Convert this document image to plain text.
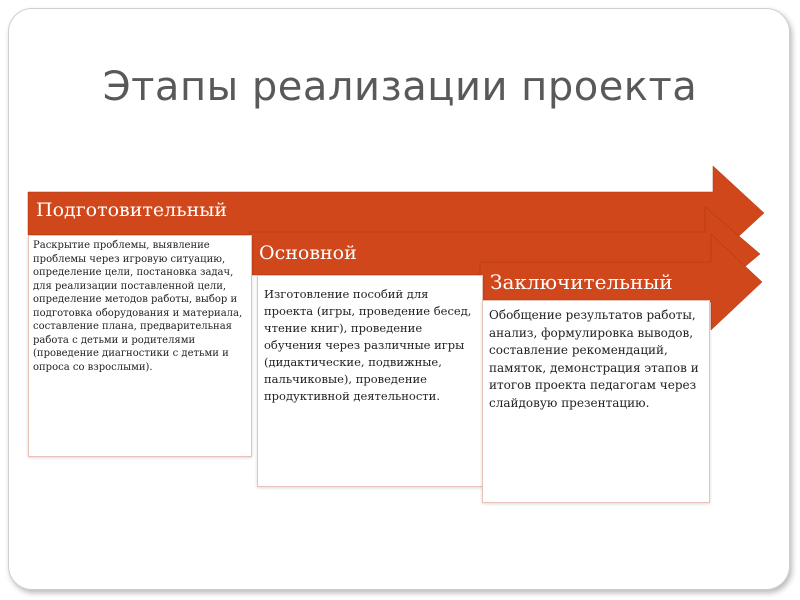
Этапы реализации проекта
Подготовительный
Основной
Заключительный

Раскрытие проблемы, выявление проблемы через игровую ситуацию, определение цели, постановка задач, для реализации поставленной цели, определение методов работы, выбор и подготовка оборудования и материала, составление плана, предварительная работа с детьми и родителями (проведение диагностики с детьми и опроса со взрослыми).

Изготовление пособий для проекта (игры, проведение бесед, чтение книг), проведение обучения через различные игры (дидактические, подвижные, пальчиковые), проведение продуктивной деятельности.

Обобщение результатов работы, анализ, формулировка выводов, составление рекомендаций, памяток, демонстрация этапов и итогов проекта педагогам через слайдовую презентацию.
